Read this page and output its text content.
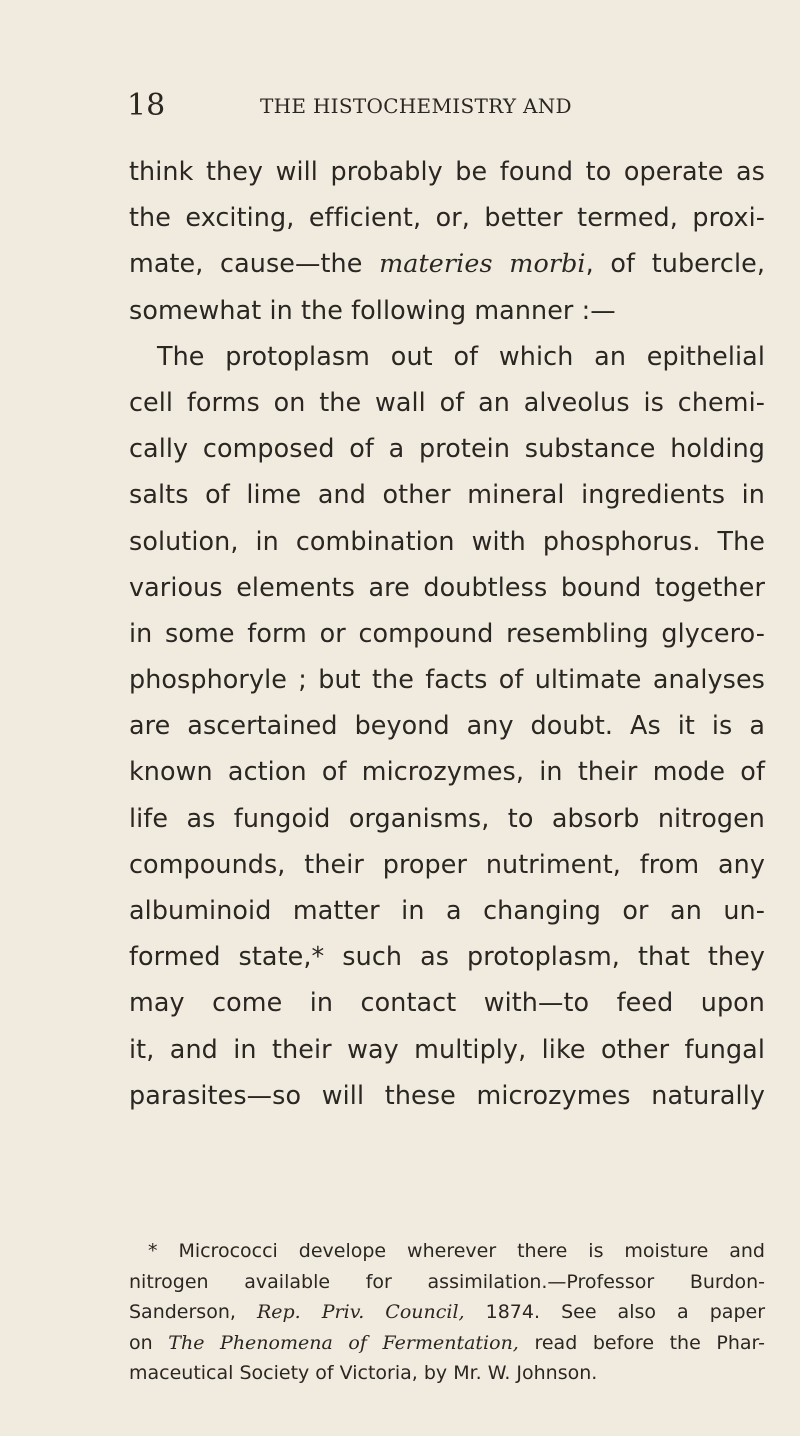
18	THE HISTOCHEMISTRY AND
think they will probably be found to operate as
the exciting, efficient, or, better termed, proxi-
mate, cause—the materies morbi, of tubercle,
somewhat in the following manner :—
The protoplasm out of which an epithelial
cell forms on the wall of an alveolus is chemi-
cally composed of a protein substance holding
salts of lime and other mineral ingredients in
solution, in combination with phosphorus. The
various elements are doubtless bound together
in some form or compound resembling glycero-
phosphoryle ; but the facts of ultimate analyses
are ascertained beyond any doubt. As it is a
known action of microzymes, in their mode of
life as fungoid organisms, to absorb nitrogen
compounds, their proper nutriment, from any
albuminoid matter in a changing or an un-
formed state,* such as protoplasm, that they
may come in contact with—to feed upon
it, and in their way multiply, like other fungal
parasites—so will these microzymes naturally
* Micrococci develope wherever there is moisture and
nitrogen available for assimilation.—Professor Burdon-
Sanderson, Rep. Priv. Council, 1874. See also a paper
on The Phenomena of Fermentation, read before the Phar-
maceutical Society of Victoria, by Mr. W. Johnson.
